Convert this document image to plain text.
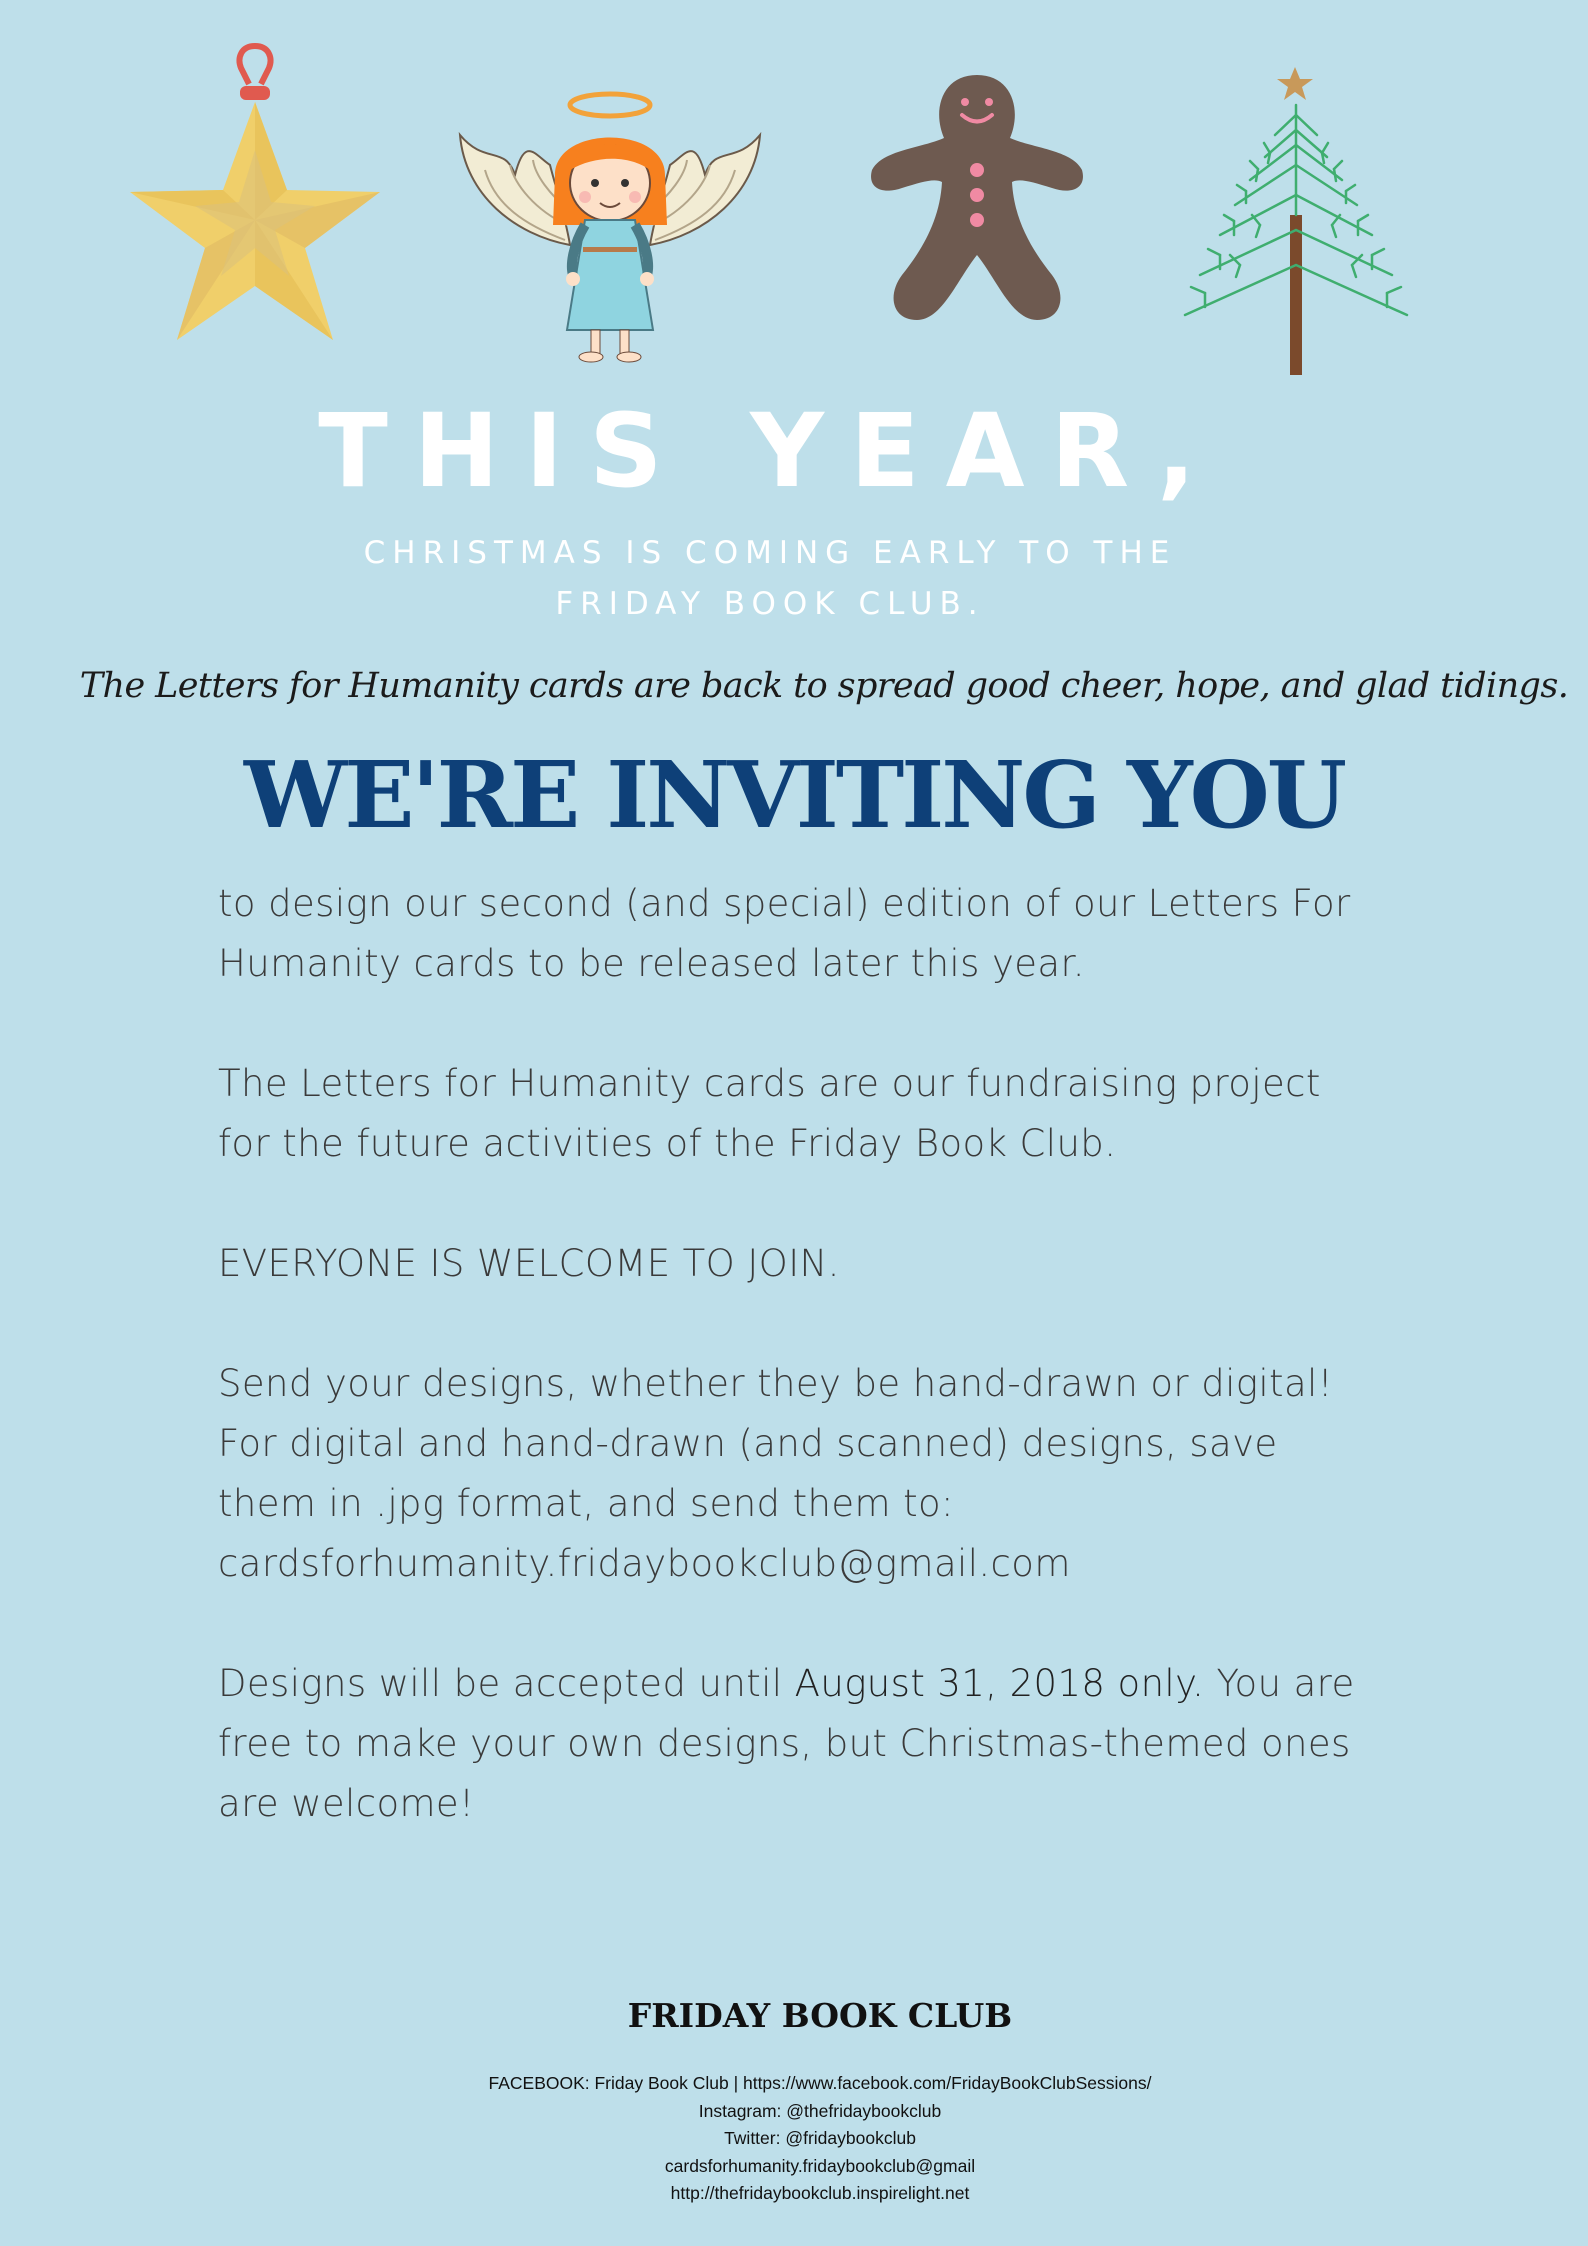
THIS YEAR,
CHRISTMAS IS COMING EARLY TO THE
FRIDAY BOOK CLUB.
The Letters for Humanity cards are back to spread good cheer, hope, and glad tidings.
WE'RE INVITING YOU

to design our second (and special) edition of our Letters For
Humanity cards to be released later this year.

The Letters for Humanity cards are our fundraising project
for the future activities of the Friday Book Club.

EVERYONE IS WELCOME TO JOIN.

Send your designs, whether they be hand-drawn or digital!
For digital and hand-drawn (and scanned) designs, save
them in .jpg format, and send them to:
cardsforhumanity.fridaybookclub@gmail.com

Designs will be accepted until August 31, 2018 only. You are
free to make your own designs, but Christmas-themed ones
are welcome!

FRIDAY BOOK CLUB
FACEBOOK: Friday Book Club | https://www.facebook.com/FridayBookClubSessions/
Instagram: @thefridaybookclub
Twitter: @fridaybookclub
cardsforhumanity.fridaybookclub@gmail
http://thefridaybookclub.inspirelight.net
